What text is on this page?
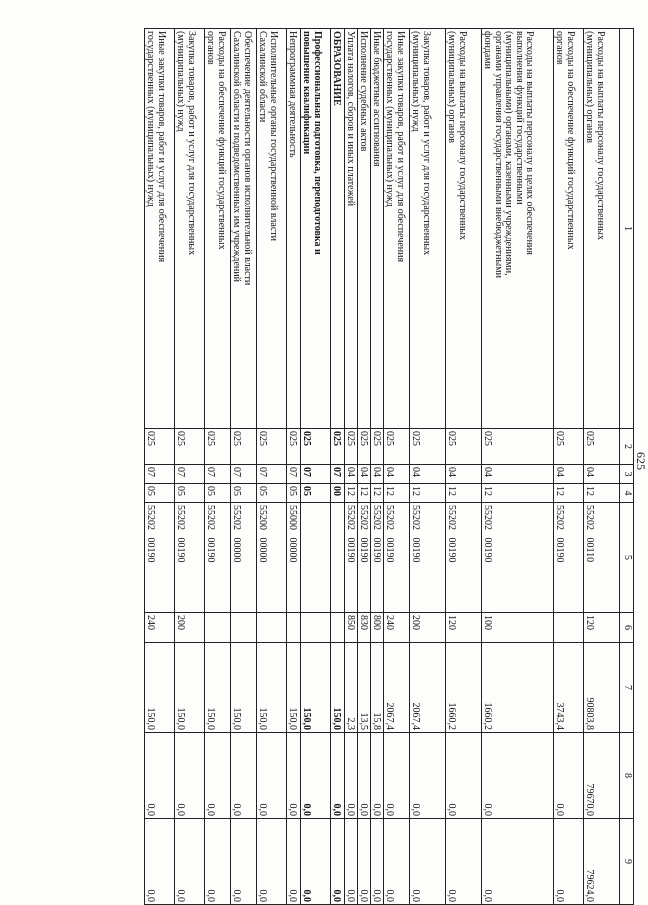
625
1	2	3	4	5	6	7	8	9
Расходы на выплаты персоналу государственных
(муниципальных) органов	025	04	12	55202   00110	120	90803,8	79670,0	79624,0
Расходы на обеспечение функций государственных
органов	025	04	12	55202   00190		3743,4	0,0	0,0
Расходы на выплаты персоналу в целях обеспечения
выполнения функций государственными
(муниципальными) органами, казенными учреждениями,
органами управления государственными внебюджетными
фондами	025	04	12	55202   00190	100	1660,2	0,0	0,0
Расходы на выплаты персоналу государственных
(муниципальных) органов	025	04	12	55202   00190	120	1660,2	0,0	0,0
Закупка товаров, работ и услуг для государственных
(муниципальных) нужд	025	04	12	55202   00190	200	2067,4	0,0	0,0
Иные закупки товаров, работ и услуг для обеспечения
государственных (муниципальных) нужд	025	04	12	55202   00190	240	2067,4	0,0	0,0
Иные бюджетные ассигнования	025	04	12	55202   00190	800	15,8	0,0	0,0
Исполнение судебных актов	025	04	12	55202   00190	830	13,5	0,0	0,0
Уплата налогов, сборов и иных платежей	025	04	12	55202   00190	850	2,3	0,0	0,0
ОБРАЗОВАНИЕ	025	07	00			150,0	0,0	0,0
Профессиональная подготовка, переподготовка и
повышение квалификации	025	07	05			150,0	0,0	0,0
Непрограммная деятельность	025	07	05	55000   00000		150,0	0,0	0,0
Исполнительные органы государственной власти
Сахалинской области	025	07	05	55200   00000		150,0	0,0	0,0
Обеспечение деятельности органов исполнительной власти
Сахалинской области и подведомственных им учреждений	025	07	05	55202   00000		150,0	0,0	0,0
Расходы на обеспечение функций государственных
органов	025	07	05	55202   00190		150,0	0,0	0,0
Закупка товаров, работ и услуг для государственных
(муниципальных) нужд	025	07	05	55202   00190	200	150,0	0,0	0,0
Иные закупки товаров, работ и услуг для обеспечения
государственных (муниципальных) нужд	025	07	05	55202   00190	240	150,0	0,0	0,0
